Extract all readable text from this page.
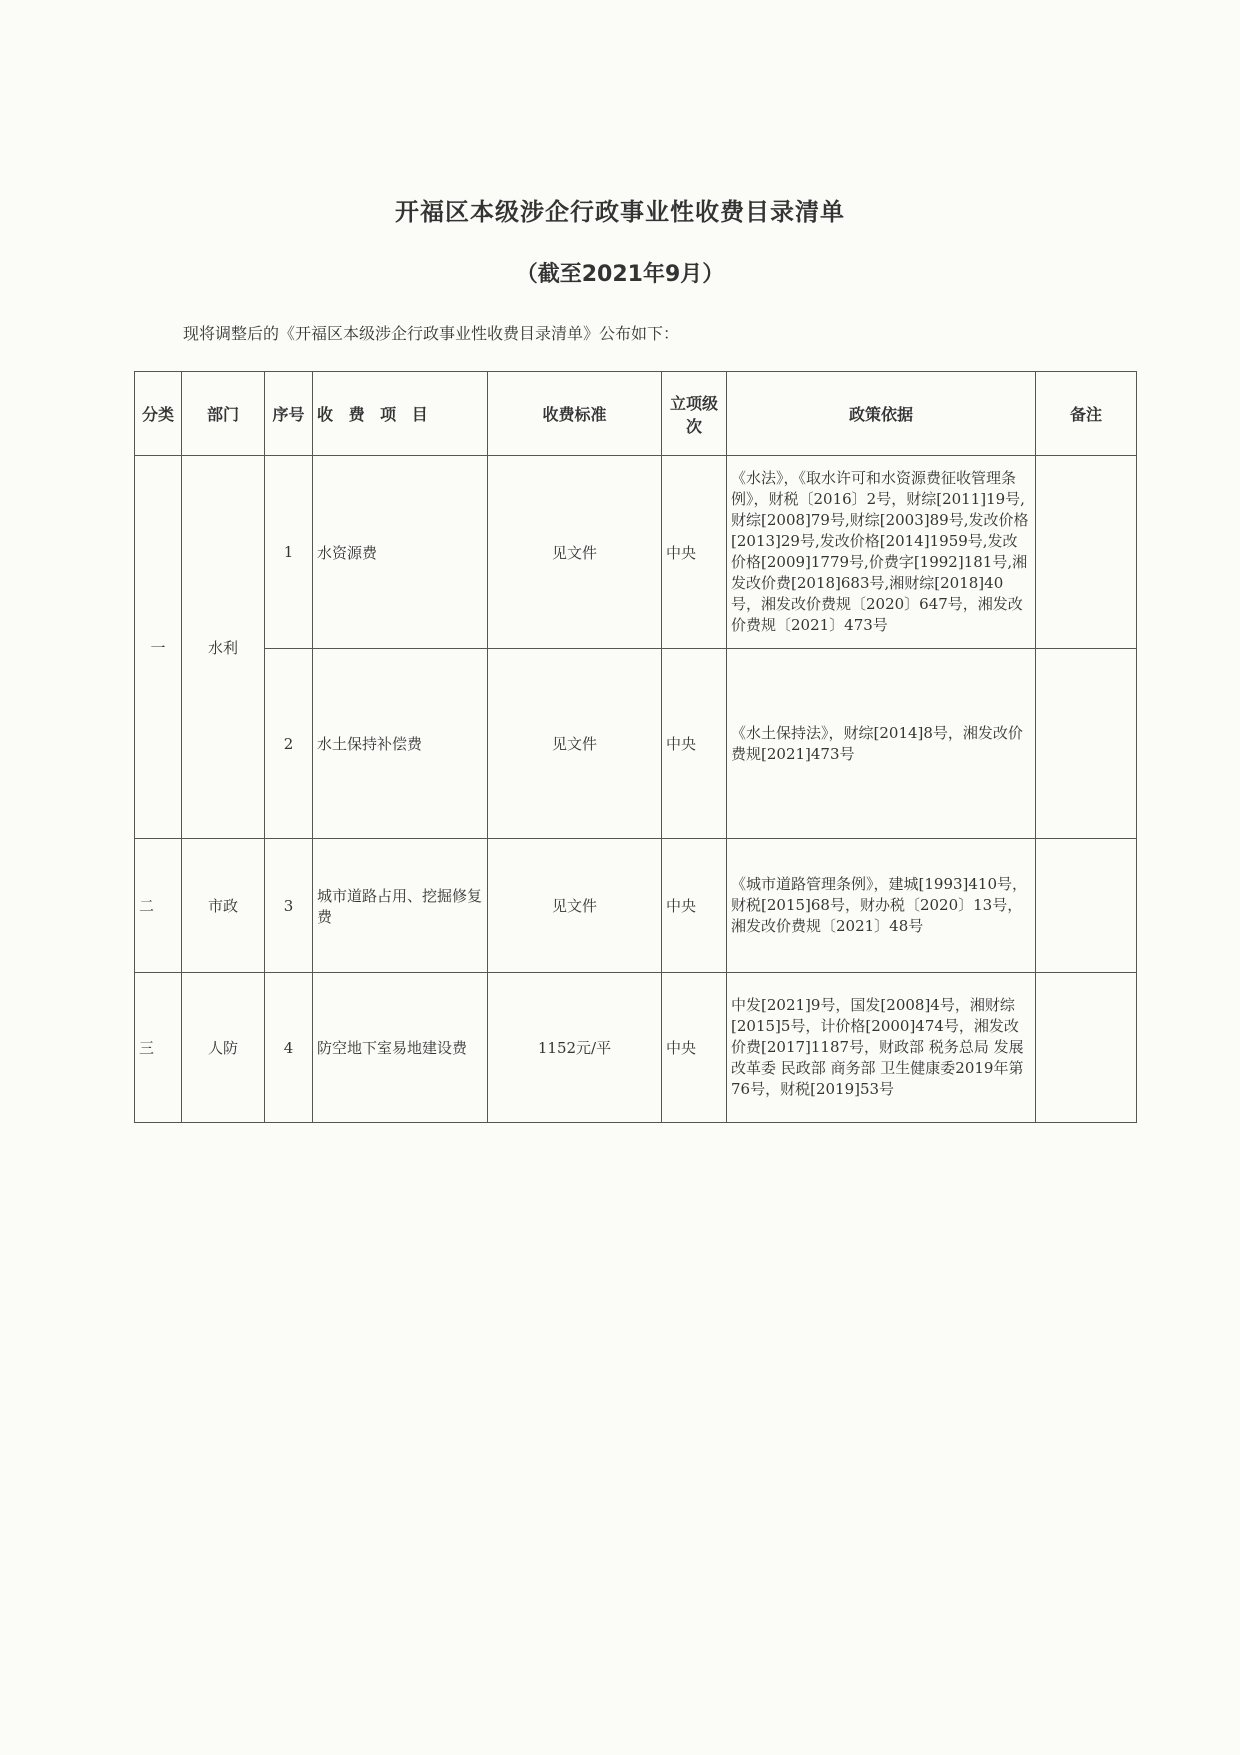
开福区本级涉企行政事业性收费目录清单
（截至2021年9月）
现将调整后的《开福区本级涉企行政事业性收费目录清单》公布如下：
分类	部门	序号	收 费 项 目	收费标准	立项级次	政策依据	备注
一	水利	1	水资源费	见文件	中央	《水法》，《取水许可和水资源费征收管理条例》，财税〔2016〕2号，财综[2011]19号,财综[2008]79号,财综[2003]89号,发改价格[2013]29号,发改价格[2014]1959号,发改价格[2009]1779号,价费字[1992]181号,湘发改价费[2018]683号,湘财综[2018]40号，湘发改价费规〔2020〕647号，湘发改价费规〔2021〕473号	
		2	水土保持补偿费	见文件	中央	《水土保持法》，财综[2014]8号，湘发改价费规[2021]473号	
二	市政	3	城市道路占用、挖掘修复费	见文件	中央	《城市道路管理条例》，建城[1993]410号，财税[2015]68号，财办税〔2020〕13号，湘发改价费规〔2021〕48号	
三	人防	4	防空地下室易地建设费	1152元/平	中央	中发[2021]9号，国发[2008]4号，湘财综[2015]5号，计价格[2000]474号，湘发改价费[2017]1187号，财政部 税务总局 发展改革委 民政部 商务部 卫生健康委2019年第76号，财税[2019]53号	
